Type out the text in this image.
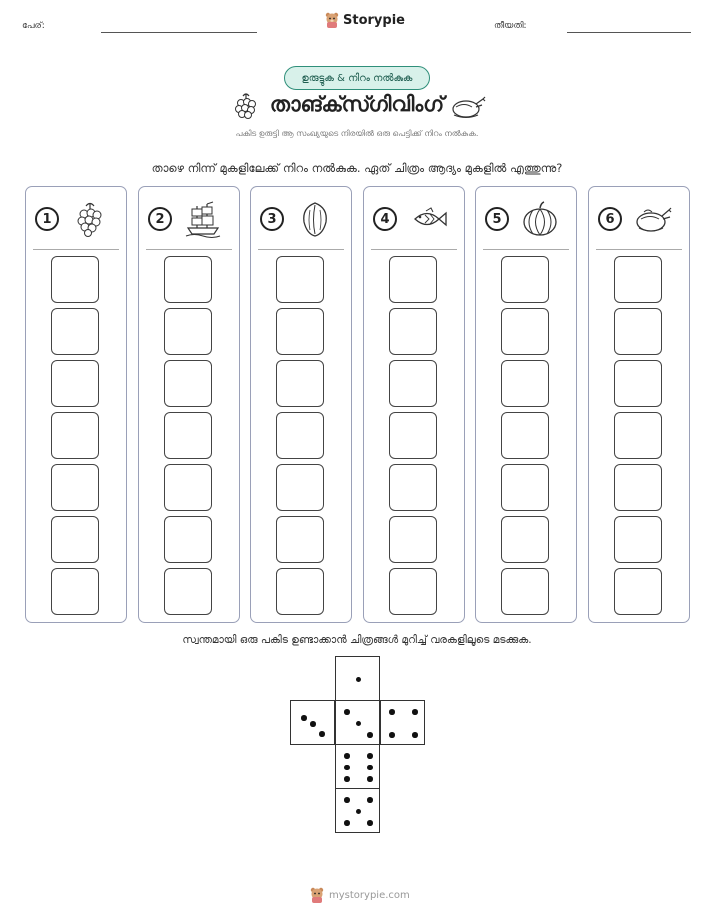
പേര്:	Storypie	തീയതി:
ഉരുട്ടുക & നിറം നൽകുക
താങ്ക്സ്ഗിവിംഗ്
പകിട ഉരുട്ടി ആ സംഖ്യയുടെ നിരയിൽ ഒരു പെട്ടിക്ക് നിറം നൽകുക.
താഴെ നിന്ന് മുകളിലേക്ക് നിറം നൽകുക. ഏത് ചിത്രം ആദ്യം മുകളിൽ എത്തുന്നു?
1	2	3	4	5	6
സ്വന്തമായി ഒരു പകിട ഉണ്ടാക്കാൻ ചിത്രങ്ങൾ മുറിച്ച് വരകളിലൂടെ മടക്കുക.
mystorypie.com
